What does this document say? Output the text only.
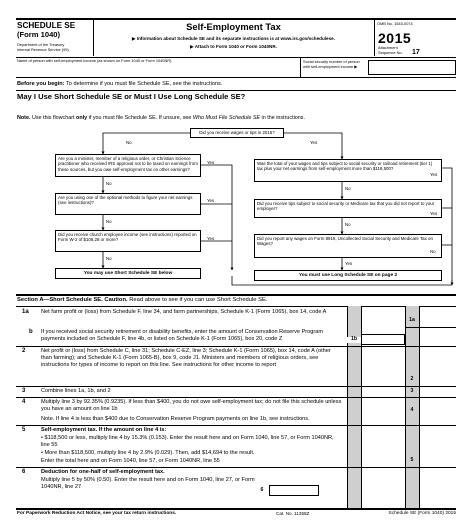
SCHEDULE SE
(Form 1040)
Department of the Treasury
Internal Revenue Service (99)
Self-Employment Tax
▶ Information about Schedule SE and its separate instructions is at www.irs.gov/schedulese.
▶ Attach to Form 1040 or Form 1040NR.
OMB No. 1545-0074
2015
Attachment
Sequence No. 17
Name of person with self-employment income (as shown on Form 1040 or Form 1040NR)	Social security number of person with self-employment income ▶
Before you begin: To determine if you must file Schedule SE, see the instructions.
May I Use Short Schedule SE or Must I Use Long Schedule SE?
Note. Use this flowchart only if you must file Schedule SE. If unsure, see Who Must File Schedule SE in the instructions.
Did you receive wages or tips in 2015?
No	Yes
Are you a minister, member of a religious order, or Christian Science practitioner who received IRS approval not to be taxed on earnings from these sources, but you owe self-employment tax on other earnings?
Yes
No
Was the total of your wages and tips subject to social security or railroad retirement (tier 1) tax plus your net earnings from self-employment more than $118,500?
Yes
No
Are you using one of the optional methods to figure your net earnings (see instructions)?	Yes
No
Did you receive tips subject to social security or Medicare tax that you did not report to your employer?
Yes
No
Did you receive church employee income (see instructions) reported on Form W-2 of $108.28 or more?	Yes
No
Did you report any wages on Form 8919, Uncollected Social Security and Medicare Tax on Wages?
No
Yes
You may use Short Schedule SE below	You must use Long Schedule SE on page 2
Section A—Short Schedule SE. Caution. Read above to see if you can use Short Schedule SE.
1a Net farm profit or (loss) from Schedule F, line 34, and farm partnerships, Schedule K-1 (Form 1065), box 14, code A
1a
b If you received social security retirement or disability benefits, enter the amount of Conservation Reserve Program payments included on Schedule F, line 4b, or listed on Schedule K-1 (Form 1065), box 20, code Z	1b
2	Net profit or (loss) from Schedule C, line 31; Schedule C-EZ, line 3; Schedule K-1 (Form 1065), box 14, code A (other than farming); and Schedule K-1 (Form 1065-B), box 9, code J1. Ministers and members of religious orders, see instructions for types of income to report on this line. See instructions for other income to report
2
3	Combine lines 1a, 1b, and 2	3
4	Multiply line 3 by 92.35% (0.9235). If less than $400, you do not owe self-employment tax; do not file this schedule unless you have an amount on line 1b	4
Note. If line 4 is less than $400 due to Conservation Reserve Program payments on line 1b, see instructions.
5	Self-employment tax. If the amount on line 4 is:
• $118,500 or less, multiply line 4 by 15.3% (0.153). Enter the result here and on Form 1040, line 57, or Form 1040NR, line 55
• More than $118,500, multiply line 4 by 2.9% (0.029). Then, add $14,694 to the result.
Enter the total here and on Form 1040, line 57, or Form 1040NR, line 55	5
6	Deduction for one-half of self-employment tax.
Multiply line 5 by 50% (0.50). Enter the result here and on Form 1040, line 27, or Form 1040NR, line 27
6
For Paperwork Reduction Act Notice, see your tax return instructions.	Cat. No. 11358Z	Schedule SE (Form 1040) 2015
